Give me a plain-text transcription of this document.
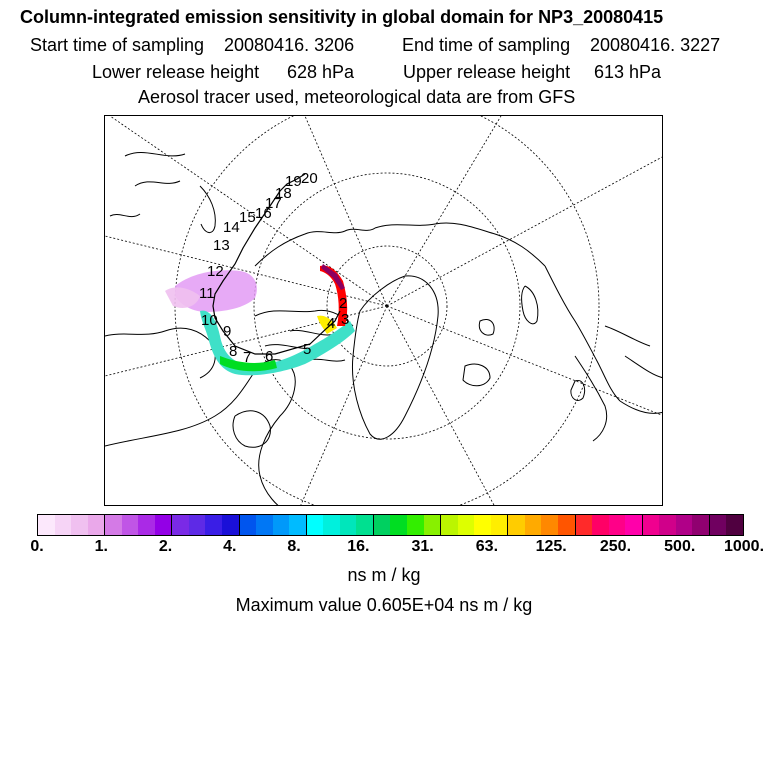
Column-integrated emission sensitivity in global domain for NP3_20080415
Start time of sampling 20080416. 3206	End time of sampling 20080416. 3227
Lower release height 628 hPa	Upper release height 613 hPa
Aerosol tracer used, meteorological data are from GFS
2
3
4
5
6
7
8
9
10
11
12
13
14
15 16
17
18
19 20
0.	1.	2.	4.	8.	16.	31.	63. 125. 250. 500. 1000.
ns m / kg
Maximum value 0.605E+04 ns m / kg
